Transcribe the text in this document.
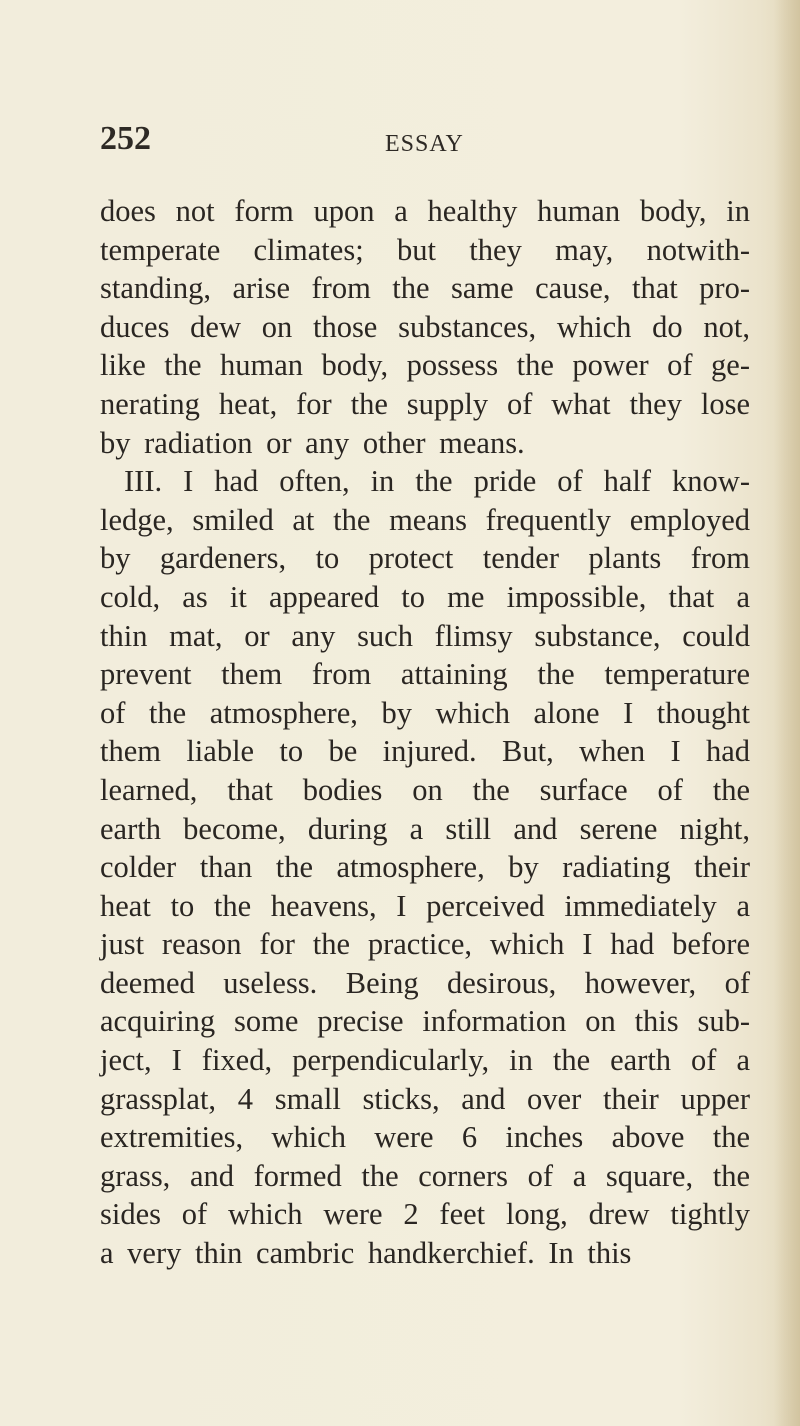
252	ESSAY
does not form upon a healthy human body, in
temperate climates; but they may, notwith-
standing, arise from the same cause, that pro-
duces dew on those substances, which do not,
like the human body, possess the power of ge-
nerating heat, for the supply of what they lose
by radiation or any other means.
III. I had often, in the pride of half know-
ledge, smiled at the means frequently employed
by gardeners, to protect tender plants from
cold, as it appeared to me impossible, that a
thin mat, or any such flimsy substance, could
prevent them from attaining the temperature
of the atmosphere, by which alone I thought
them liable to be injured. But, when I had
learned, that bodies on the surface of the
earth become, during a still and serene night,
colder than the atmosphere, by radiating their
heat to the heavens, I perceived immediately a
just reason for the practice, which I had before
deemed useless. Being desirous, however, of
acquiring some precise information on this sub-
ject, I fixed, perpendicularly, in the earth of a
grassplat, 4 small sticks, and over their upper
extremities, which were 6 inches above the
grass, and formed the corners of a square, the
sides of which were 2 feet long, drew tightly
a very thin cambric handkerchief. In this
